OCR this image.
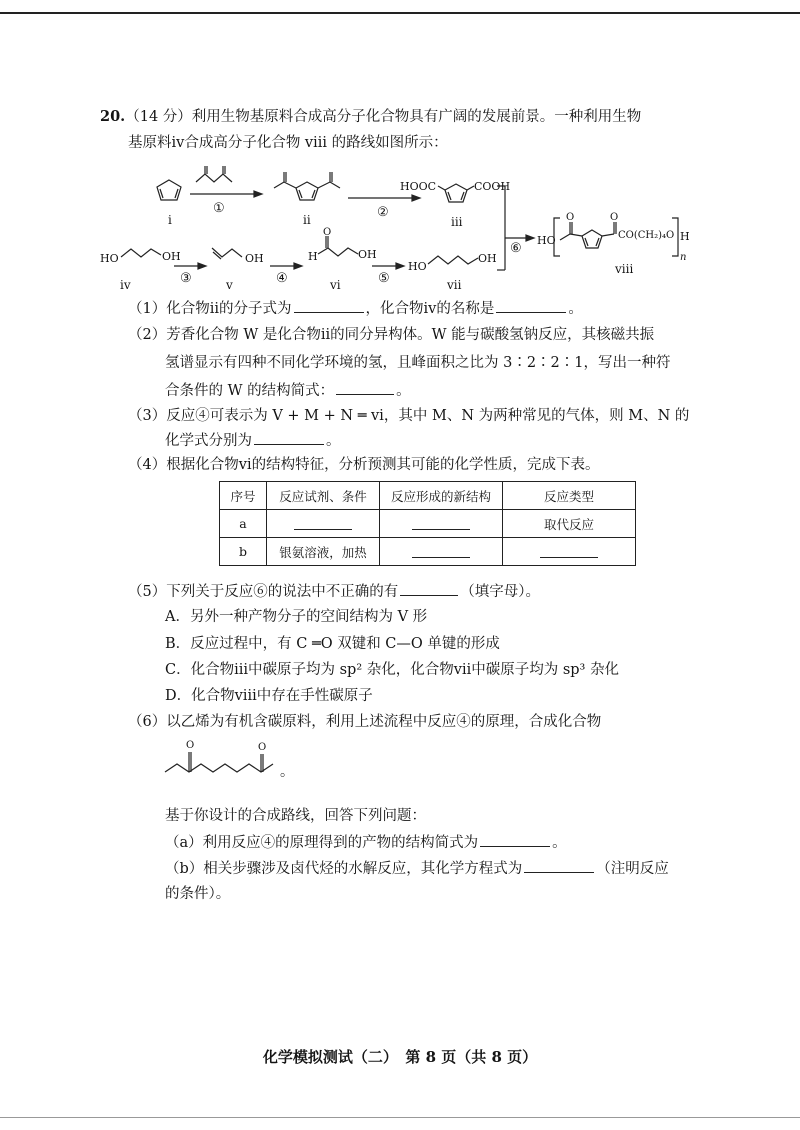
20.（14 分）利用生物基原料合成高分子化合物具有广阔的发展前景。一种利用生物
基原料ⅳ合成高分子化合物 ⅷ 的路线如图所示：
i	ii	iii
iv	v	vi	vii
viii
①	②
③	④	⑤
⑥
HOOC	COOH
HO	OH	OH	H	OH
O
HO
OH
HO	CO(CH₂)₄O H
n
O	O
（1）化合物ⅱ的分子式为	，化合物ⅳ的名称是	。
（2）芳香化合物 W 是化合物ⅱ的同分异构体。W 能与碳酸氢钠反应，其核磁共振
氢谱显示有四种不同化学环境的氢，且峰面积之比为 3∶2∶2∶1，写出一种符
合条件的 W 的结构简式：	。
（3）反应④可表示为 V + M + N ═ ⅵ，其中 M、N 为两种常见的气体，则 M、N 的
化学式分别为	。
（4）根据化合物ⅵ的结构特征，分析预测其可能的化学性质，完成下表。
序号	反应试剂、条件	反应形成的新结构	反应类型
a			取代反应
b	银氨溶液，加热		
（5）下列关于反应⑥的说法中不正确的有	（填字母）。
A．另外一种产物分子的空间结构为 V 形
B．反应过程中，有 C ═O 双键和 C—O 单键的形成
C．化合物ⅲ中碳原子均为 sp² 杂化，化合物ⅶ中碳原子均为 sp³ 杂化
D．化合物ⅷ中存在手性碳原子
（6）以乙烯为有机含碳原料，利用上述流程中反应④的原理，合成化合物
O	O
。
基于你设计的合成路线，回答下列问题：
（a）利用反应④的原理得到的产物的结构简式为	。
（b）相关步骤涉及卤代烃的水解反应，其化学方程式为	（注明反应
的条件）。
化学模拟测试（二）　第 8 页（共 8 页）
